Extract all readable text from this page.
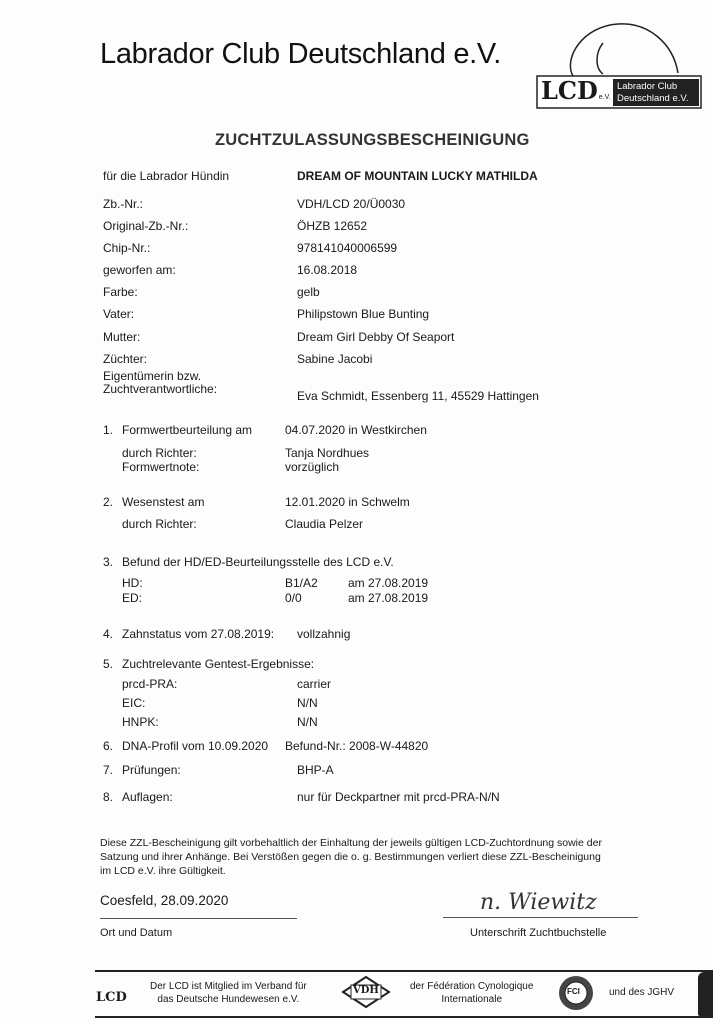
Labrador Club Deutschland e.V.
LCD e.V.
Labrador Club
Deutschland e.V.
ZUCHTZULASSUNGSBESCHEINIGUNG
für die Labrador Hündin	DREAM OF MOUNTAIN LUCKY MATHILDA
Zb.-Nr.:	VDH/LCD 20/Ü0030
Original-Zb.-Nr.:	ÖHZB 12652
Chip-Nr.:	978141040006599
geworfen am:	16.08.2018
Farbe:	gelb
Vater:	Philipstown Blue Bunting
Mutter:	Dream Girl Debby Of Seaport
Züchter:	Sabine Jacobi
Eigentümerin bzw.
Zuchtverantwortliche:	Eva Schmidt, Essenberg 11, 45529 Hattingen
1. Formwertbeurteilung am	04.07.2020 in Westkirchen
durch Richter:	Tanja Nordhues
Formwertnote:	vorzüglich
2. Wesenstest am	12.01.2020 in Schwelm
durch Richter:	Claudia Pelzer
3. Befund der HD/ED-Beurteilungsstelle des LCD e.V.
HD:	B1/A2	am 27.08.2019
ED:	0/0	am 27.08.2019
4. Zahnstatus vom 27.08.2019: vollzahnig
5. Zuchtrelevante Gentest-Ergebnisse:
prcd-PRA:	carrier
EIC:	N/N
HNPK:	N/N
6. DNA-Profil vom 10.09.2020 Befund-Nr.: 2008-W-44820
7. Prüfungen:	BHP-A
8. Auflagen:	nur für Deckpartner mit prcd-PRA-N/N
Diese ZZL-Bescheinigung gilt vorbehaltlich der Einhaltung der jeweils gültigen LCD-Zuchtordnung sowie der
Satzung und ihrer Anhänge. Bei Verstößen gegen die o. g. Bestimmungen verliert diese ZZL-Bescheinigung
im LCD e.V. ihre Gültigkeit.
Coesfeld, 28.09.2020
Ort und Datum
n. Wiewitz
Unterschrift Zuchtbuchstelle
LCD
Der LCD ist Mitglied im Verband für
das Deutsche Hundewesen e.V.
VDH	der Fédération Cynologique
Internationale
FCI	und des JGHV
